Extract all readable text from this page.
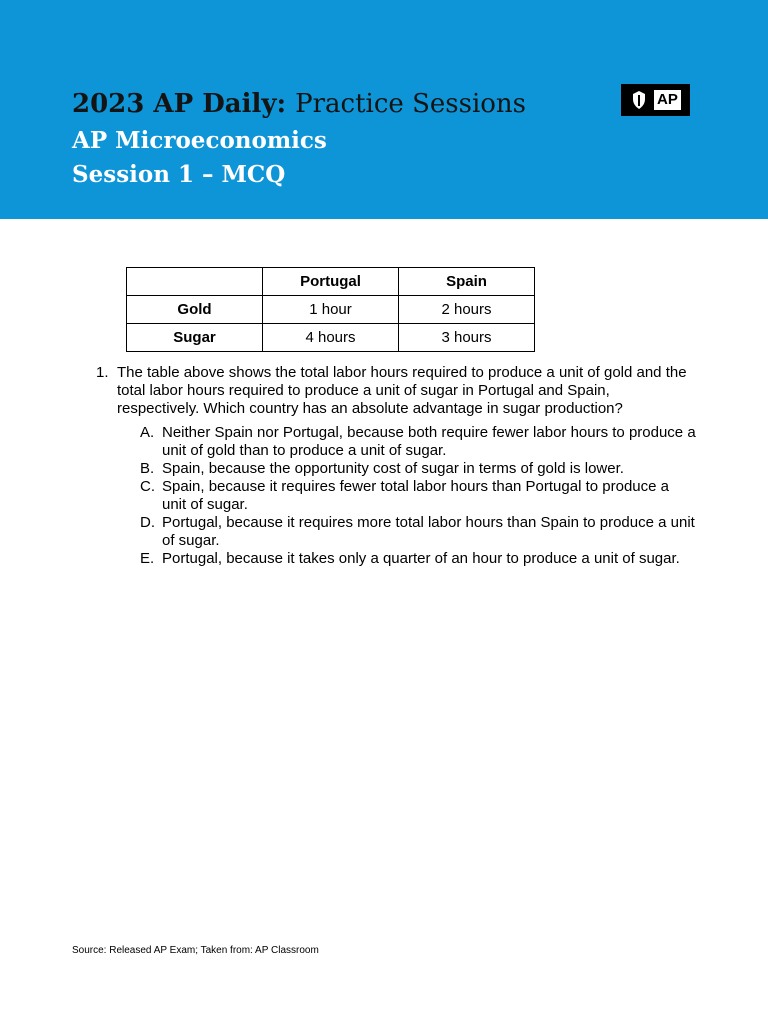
2023 AP Daily: Practice Sessions
AP Microeconomics
Session 1 – MCQ
AP
	Portugal	Spain
Gold	1 hour	2 hours
Sugar	4 hours	3 hours
1. The table above shows the total labor hours required to produce a unit of gold and the total labor hours required to produce a unit of sugar in Portugal and Spain, respectively. Which country has an absolute advantage in sugar production?

A. Neither Spain nor Portugal, because both require fewer labor hours to produce a unit of gold than to produce a unit of sugar.
B. Spain, because the opportunity cost of sugar in terms of gold is lower.
C. Spain, because it requires fewer total labor hours than Portugal to produce a unit of sugar.
D. Portugal, because it requires more total labor hours than Spain to produce a unit of sugar.
E. Portugal, because it takes only a quarter of an hour to produce a unit of sugar.

Source: Released AP Exam; Taken from: AP Classroom
